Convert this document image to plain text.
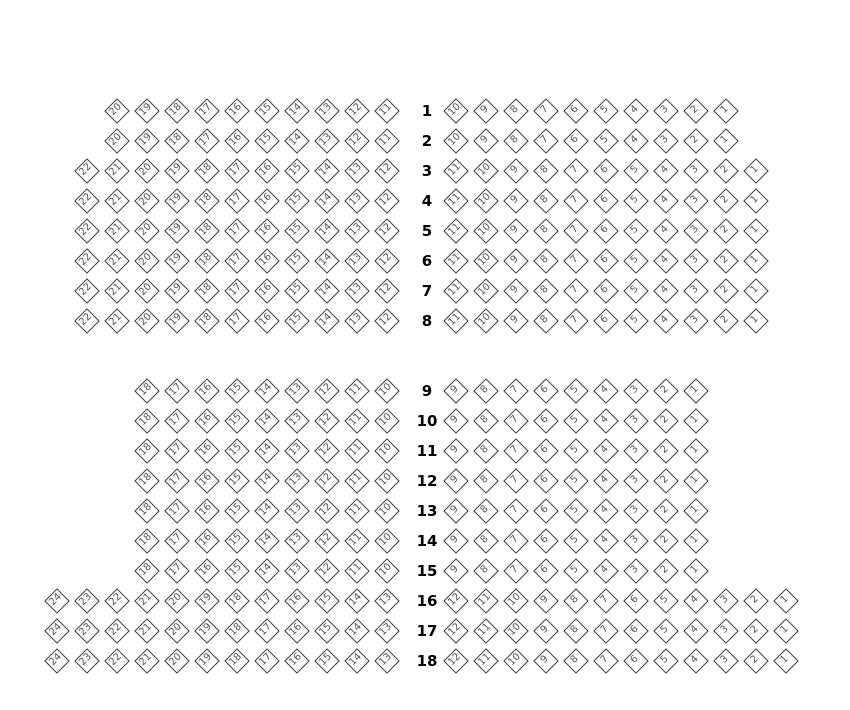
1
20	19	18	17	16	15	14	13	12	11	10	9	8	7	6	5	4	3	2	1
2
20	19	18	17	16	15	14	13	12	11	10	9	8	7	6	5	4	3	2	1
3
22	21	20	19	18	17	16	15	14	13	12	11	10	9	8	7	6	5	4	3	2	1
4
22	21	20	19	18	17	16	15	14	13	12	11	10	9	8	7	6	5	4	3	2	1
5
22	21	20	19	18	17	16	15	14	13	12	11	10	9	8	7	6	5	4	3	2	1
6
22	21	20	19	18	17	16	15	14	13	12	11	10	9	8	7	6	5	4	3	2	1
7
22	21	20	19	18	17	16	15	14	13	12	11	10	9	8	7	6	5	4	3	2	1
8
22	21	20	19	18	17	16	15	14	13	12	11	10	9	8	7	6	5	4	3	2	1
9
18	17	16	15	14	13	12	11	10	9	8	7	6	5	4	3	2	1
10
18	17	16	15	14	13	12	11	10	9	8	7	6	5	4	3	2	1
11
18	17	16	15	14	13	12	11	10	9	8	7	6	5	4	3	2	1
12
18	17	16	15	14	13	12	11	10	9	8	7	6	5	4	3	2	1
13
18	17	16	15	14	13	12	11	10	9	8	7	6	5	4	3	2	1
14
18	17	16	15	14	13	12	11	10	9	8	7	6	5	4	3	2	1
15
18	17	16	15	14	13	12	11	10	9	8	7	6	5	4	3	2	1
16
24	23	22	21	20	19	18	17	16	15	14	13	12	11	10	9	8	7	6	5	4	3	2	1
17
24	23	22	21	20	19	18	17	16	15	14	13	12	11	10	9	8	7	6	5	4	3	2	1
18
24	23	22	21	20	19	18	17	16	15	14	13	12	11	10	9	8	7	6	5	4	3	2	1
